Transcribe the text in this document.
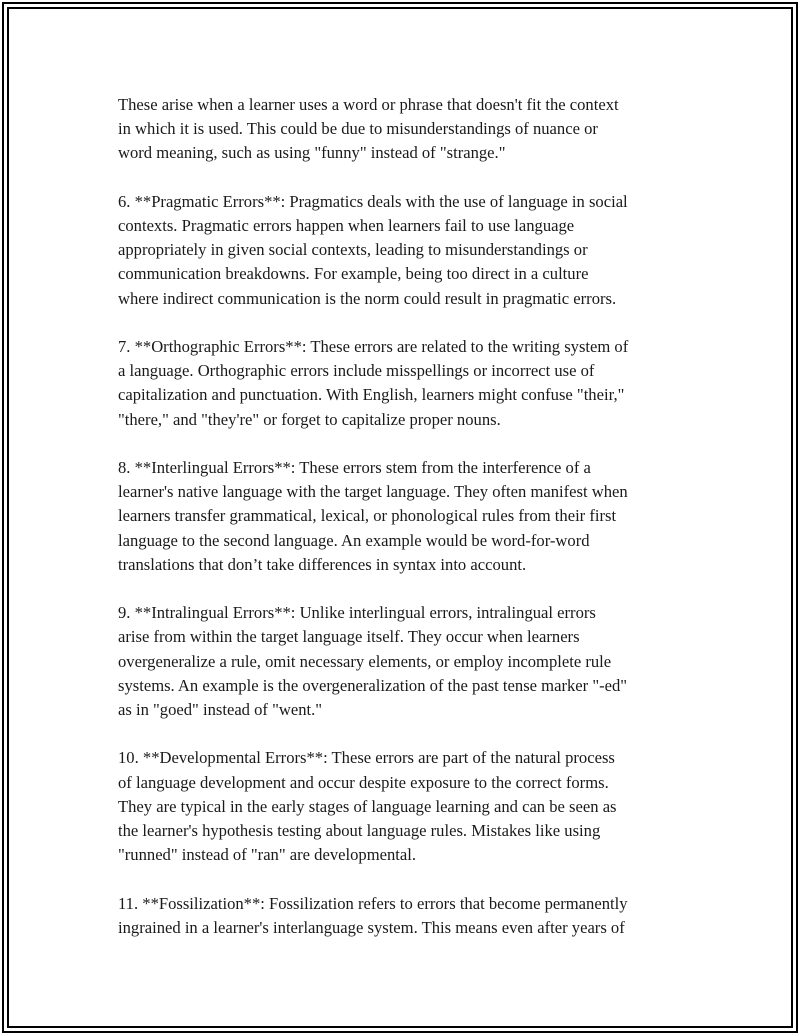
These arise when a learner uses a word or phrase that doesn't fit the context
in which it is used. This could be due to misunderstandings of nuance or
word meaning, such as using "funny" instead of "strange."
6. **Pragmatic Errors**: Pragmatics deals with the use of language in social
contexts. Pragmatic errors happen when learners fail to use language
appropriately in given social contexts, leading to misunderstandings or
communication breakdowns. For example, being too direct in a culture
where indirect communication is the norm could result in pragmatic errors.
7. **Orthographic Errors**: These errors are related to the writing system of
a language. Orthographic errors include misspellings or incorrect use of
capitalization and punctuation. With English, learners might confuse "their,"
"there," and "they're" or forget to capitalize proper nouns.
8. **Interlingual Errors**: These errors stem from the interference of a
learner's native language with the target language. They often manifest when
learners transfer grammatical, lexical, or phonological rules from their first
language to the second language. An example would be word-for-word
translations that don’t take differences in syntax into account.
9. **Intralingual Errors**: Unlike interlingual errors, intralingual errors
arise from within the target language itself. They occur when learners
overgeneralize a rule, omit necessary elements, or employ incomplete rule
systems. An example is the overgeneralization of the past tense marker "-ed"
as in "goed" instead of "went."
10. **Developmental Errors**: These errors are part of the natural process
of language development and occur despite exposure to the correct forms.
They are typical in the early stages of language learning and can be seen as
the learner's hypothesis testing about language rules. Mistakes like using
"runned" instead of "ran" are developmental.
11. **Fossilization**: Fossilization refers to errors that become permanently
ingrained in a learner's interlanguage system. This means even after years of
